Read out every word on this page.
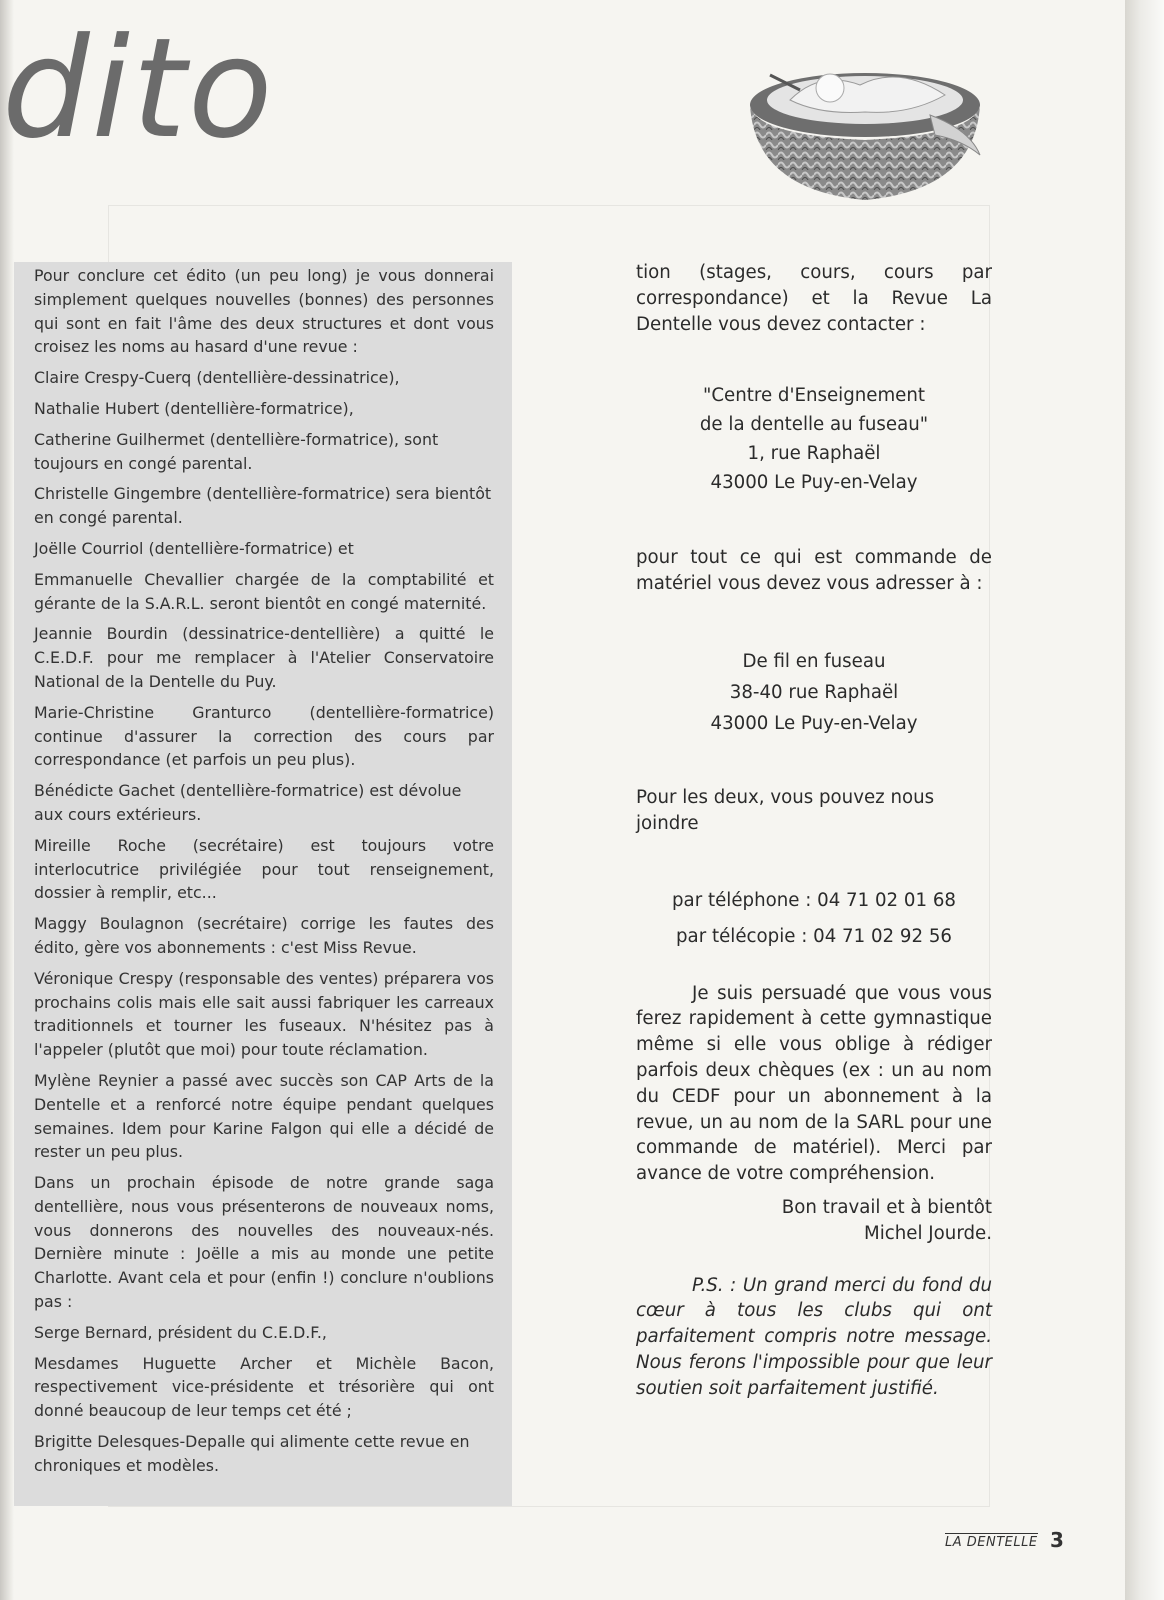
dito

Pour conclure cet édito (un peu long) je vous donnerai simplement quelques nouvelles (bonnes) des personnes qui sont en fait l'âme des deux structures et dont vous croisez les noms au hasard d'une revue :

Claire Crespy-Cuerq (dentellière-dessinatrice),

Nathalie Hubert (dentellière-formatrice),

Catherine Guilhermet (dentellière-formatrice), sont toujours en congé parental.

Christelle Gingembre (dentellière-formatrice) sera bientôt en congé parental.

Joëlle Courriol (dentellière-formatrice) et

Emmanuelle Chevallier chargée de la comptabilité et gérante de la S.A.R.L. seront bientôt en congé maternité.

Jeannie Bourdin (dessinatrice-dentellière) a quitté le C.E.D.F. pour me remplacer à l'Atelier Conservatoire National de la Dentelle du Puy.

Marie-Christine Granturco (dentellière-formatrice) continue d'assurer la correction des cours par correspondance (et parfois un peu plus).

Bénédicte Gachet (dentellière-formatrice) est dévolue aux cours extérieurs.

Mireille Roche (secrétaire) est toujours votre interlocutrice privilégiée pour tout renseignement, dossier à remplir, etc...

Maggy Boulagnon (secrétaire) corrige les fautes des édito, gère vos abonnements : c'est Miss Revue.

Véronique Crespy (responsable des ventes) préparera vos prochains colis mais elle sait aussi fabriquer les carreaux traditionnels et tourner les fuseaux. N'hésitez pas à l'appeler (plutôt que moi) pour toute réclamation.

Mylène Reynier a passé avec succès son CAP Arts de la Dentelle et a renforcé notre équipe pendant quelques semaines. Idem pour Karine Falgon qui elle a décidé de rester un peu plus.

Dans un prochain épisode de notre grande saga dentellière, nous vous présenterons de nouveaux noms, vous donnerons des nouvelles des nouveaux-nés. Dernière minute : Joëlle a mis au monde une petite Charlotte. Avant cela et pour (enfin !) conclure n'oublions pas :

Serge Bernard, président du C.E.D.F.,

Mesdames Huguette Archer et Michèle Bacon, respectivement vice-présidente et trésorière qui ont donné beaucoup de leur temps cet été ;

Brigitte Delesques-Depalle qui alimente cette revue en chroniques et modèles.

tion (stages, cours, cours par correspondance) et la Revue La Dentelle vous devez contacter :

"Centre d'Enseignement
de la dentelle au fuseau"
1, rue Raphaël
43000 Le Puy-en-Velay

pour tout ce qui est commande de matériel vous devez vous adresser à :

De fil en fuseau
38-40 rue Raphaël
43000 Le Puy-en-Velay

Pour les deux, vous pouvez nous joindre

par téléphone : 04 71 02 01 68
par télécopie : 04 71 02 92 56

Je suis persuadé que vous vous ferez rapidement à cette gymnastique même si elle vous oblige à rédiger parfois deux chèques (ex : un au nom du CEDF pour un abonnement à la revue, un au nom de la SARL pour une commande de matériel). Merci par avance de votre compréhension.

Bon travail et à bientôt

Michel Jourde.

P.S. : Un grand merci du fond du cœur à tous les clubs qui ont parfaitement compris notre message. Nous ferons l'impossible pour que leur soutien soit parfaitement justifié.

LA DENTELLE 3
